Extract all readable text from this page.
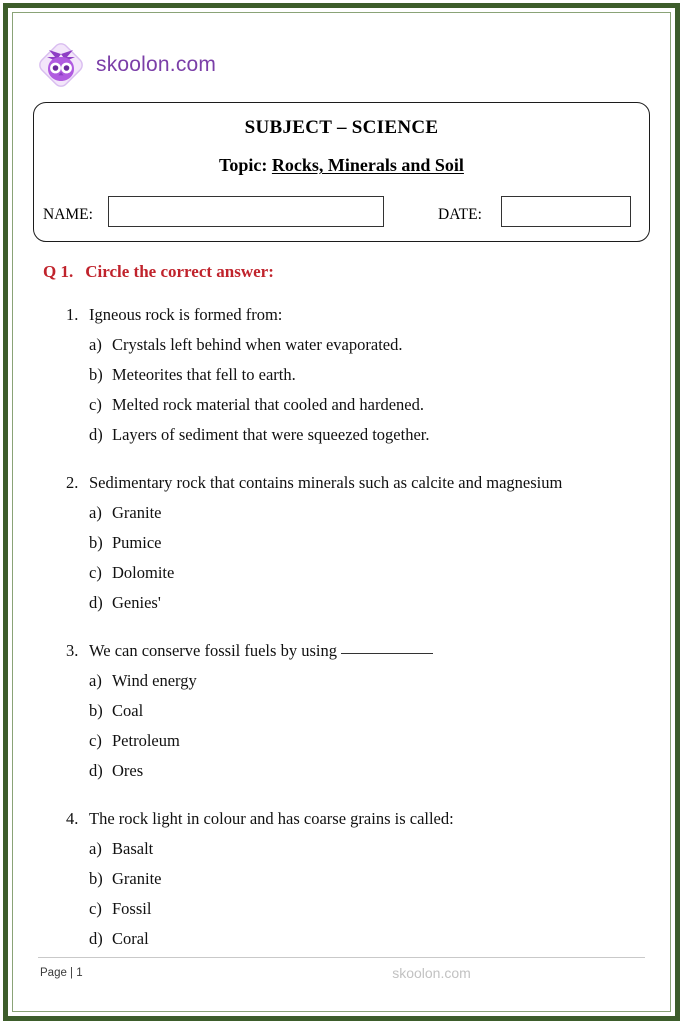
skoolon.com
SUBJECT – SCIENCE
Topic: Rocks, Minerals and Soil
NAME:	DATE:
Q 1. Circle the correct answer:
1. Igneous rock is formed from:
a) Crystals left behind when water evaporated.
b) Meteorites that fell to earth.
c) Melted rock material that cooled and hardened.
d) Layers of sediment that were squeezed together.
2. Sedimentary rock that contains minerals such as calcite and magnesium
a) Granite
b) Pumice
c) Dolomite
d) Genies'
3. We can conserve fossil fuels by using
a) Wind energy
b) Coal
c) Petroleum
d) Ores
4. The rock light in colour and has coarse grains is called:
a) Basalt
b) Granite
c) Fossil
d) Coral
Page | 1	skoolon.com
